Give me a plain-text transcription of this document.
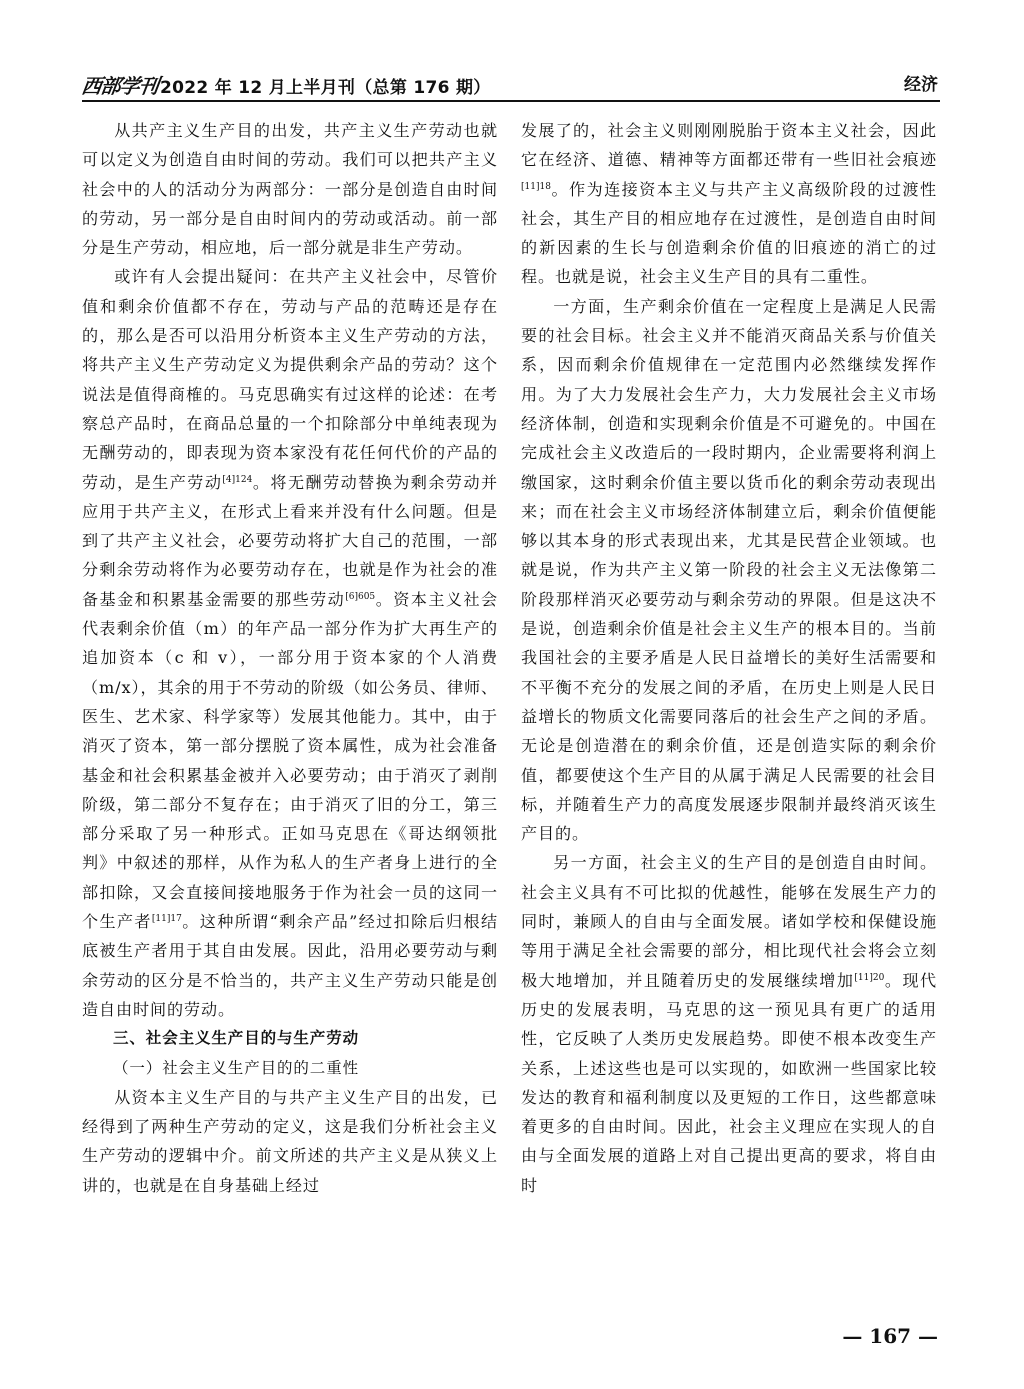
西部学刊 2022 年 12 月上半月刊（总第 176 期）	经济

从共产主义生产目的出发，共产主义生产劳动也就可以定义为创造自由时间的劳动。我们可以把共产主义社会中的人的活动分为两部分：一部分是创造自由时间的劳动，另一部分是自由时间内的劳动或活动。前一部分是生产劳动，相应地，后一部分就是非生产劳动。

或许有人会提出疑问：在共产主义社会中，尽管价值和剩余价值都不存在，劳动与产品的范畴还是存在的，那么是否可以沿用分析资本主义生产劳动的方法，将共产主义生产劳动定义为提供剩余产品的劳动？这个说法是值得商榷的。马克思确实有过这样的论述：在考察总产品时，在商品总量的一个扣除部分中单纯表现为无酬劳动的，即表现为资本家没有花任何代价的产品的劳动，是生产劳动$^{[4]124}$。将无酬劳动替换为剩余劳动并应用于共产主义，在形式上看来并没有什么问题。但是到了共产主义社会，必要劳动将扩大自己的范围，一部分剩余劳动将作为必要劳动存在，也就是作为社会的准备基金和积累基金需要的那些劳动$^{[6]605}$。资本主义社会代表剩余价值（m）的年产品一部分作为扩大再生产的追加资本（c 和 v），一部分用于资本家的个人消费（m/x），其余的用于不劳动的阶级（如公务员、律师、医生、艺术家、科学家等）发展其他能力。其中，由于消灭了资本，第一部分摆脱了资本属性，成为社会准备基金和社会积累基金被并入必要劳动；由于消灭了剥削阶级，第二部分不复存在；由于消灭了旧的分工，第三部分采取了另一种形式。正如马克思在《哥达纲领批判》中叙述的那样，从作为私人的生产者身上进行的全部扣除，又会直接间接地服务于作为社会一员的这同一个生产者$^{[11]17}$。这种所谓“剩余产品”经过扣除后归根结底被生产者用于其自由发展。因此，沿用必要劳动与剩余劳动的区分是不恰当的，共产主义生产劳动只能是创造自由时间的劳动。

三、社会主义生产目的与生产劳动
（一）社会主义生产目的的二重性

从资本主义生产目的与共产主义生产目的出发，已经得到了两种生产劳动的定义，这是我们分析社会主义生产劳动的逻辑中介。前文所述的共产主义是从狭义上讲的，也就是在自身基础上经过

发展了的，社会主义则刚刚脱胎于资本主义社会，因此它在经济、道德、精神等方面都还带有一些旧社会痕迹$^{[11]18}$。作为连接资本主义与共产主义高级阶段的过渡性社会，其生产目的相应地存在过渡性，是创造自由时间的新因素的生长与创造剩余价值的旧痕迹的消亡的过程。也就是说，社会主义生产目的具有二重性。

一方面，生产剩余价值在一定程度上是满足人民需要的社会目标。社会主义并不能消灭商品关系与价值关系，因而剩余价值规律在一定范围内必然继续发挥作用。为了大力发展社会生产力，大力发展社会主义市场经济体制，创造和实现剩余价值是不可避免的。中国在完成社会主义改造后的一段时期内，企业需要将利润上缴国家，这时剩余价值主要以货币化的剩余劳动表现出来；而在社会主义市场经济体制建立后，剩余价值便能够以其本身的形式表现出来，尤其是民营企业领域。也就是说，作为共产主义第一阶段的社会主义无法像第二阶段那样消灭必要劳动与剩余劳动的界限。但是这决不是说，创造剩余价值是社会主义生产的根本目的。当前我国社会的主要矛盾是人民日益增长的美好生活需要和不平衡不充分的发展之间的矛盾，在历史上则是人民日益增长的物质文化需要同落后的社会生产之间的矛盾。无论是创造潜在的剩余价值，还是创造实际的剩余价值，都要使这个生产目的从属于满足人民需要的社会目标，并随着生产力的高度发展逐步限制并最终消灭该生产目的。

另一方面，社会主义的生产目的是创造自由时间。社会主义具有不可比拟的优越性，能够在发展生产力的同时，兼顾人的自由与全面发展。诸如学校和保健设施等用于满足全社会需要的部分，相比现代社会将会立刻极大地增加，并且随着历史的发展继续增加$^{[11]20}$。现代历史的发展表明，马克思的这一预见具有更广的适用性，它反映了人类历史发展趋势。即使不根本改变生产关系，上述这些也是可以实现的，如欧洲一些国家比较发达的教育和福利制度以及更短的工作日，这些都意味着更多的自由时间。因此，社会主义理应在实现人的自由与全面发展的道路上对自己提出更高的要求，将自由时

— 167 —
